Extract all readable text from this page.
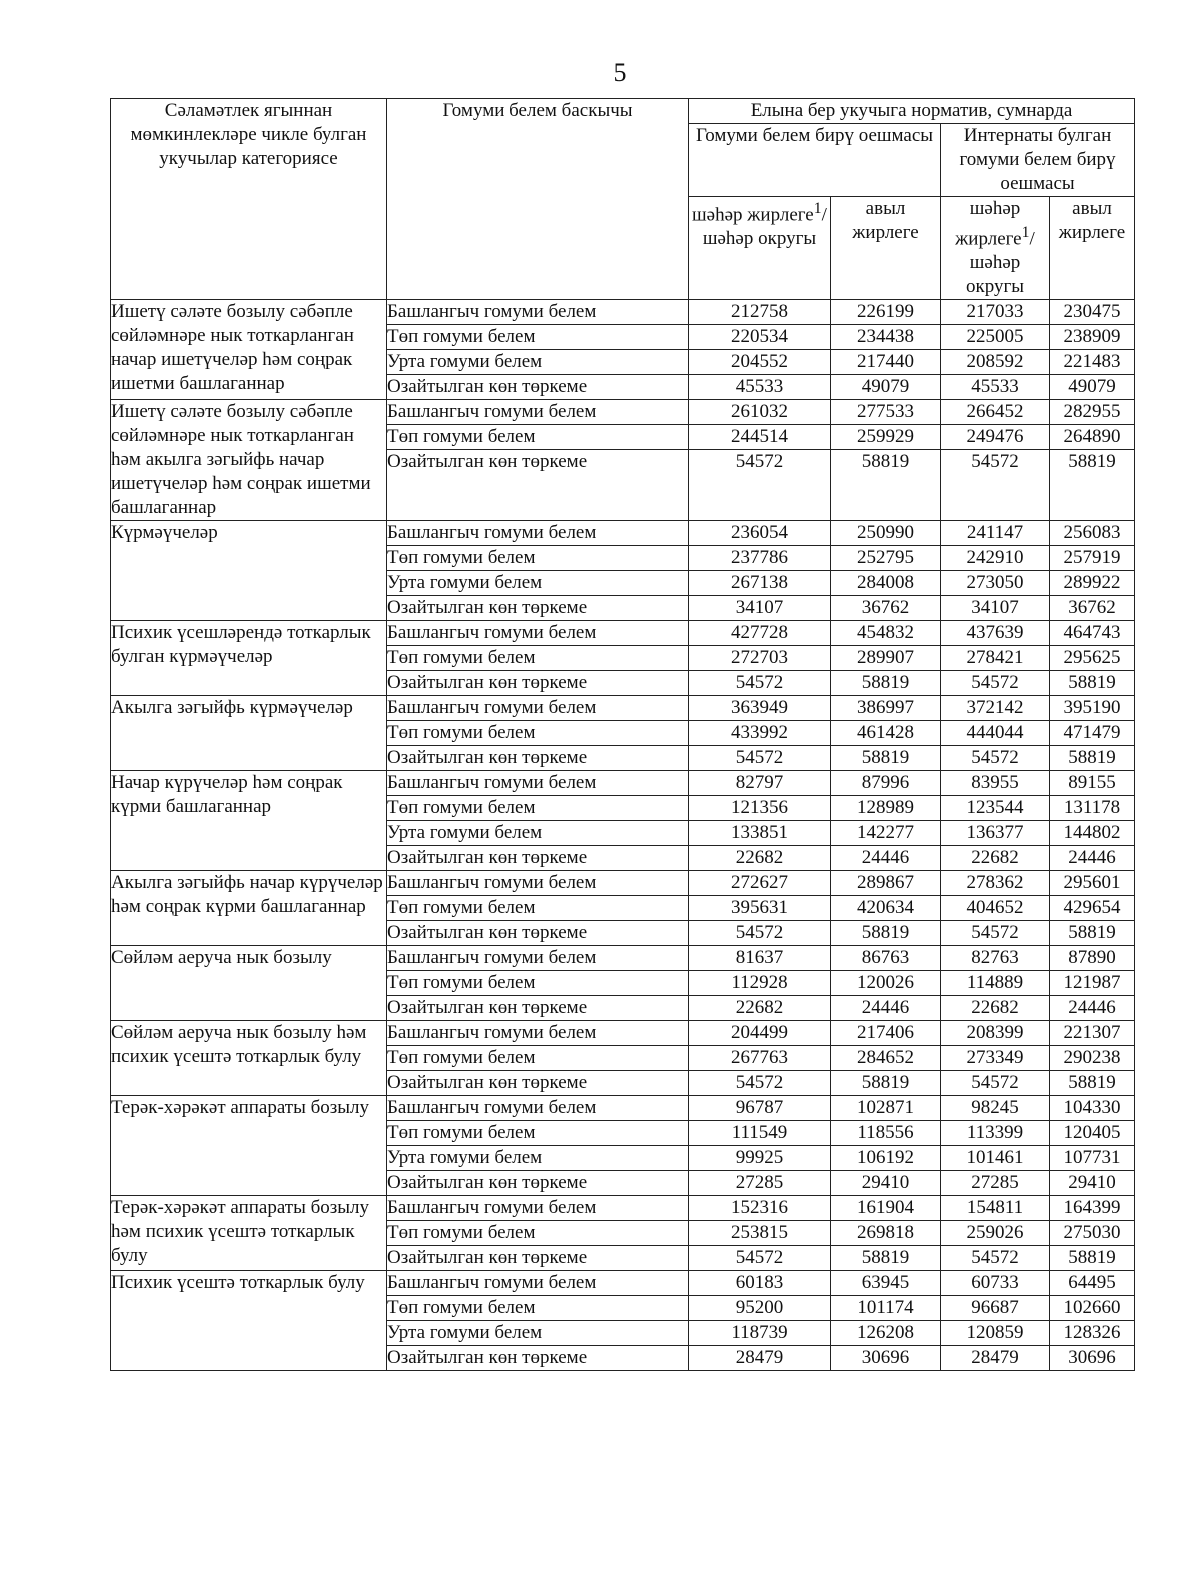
5
Сәламәтлек ягыннан мөмкинлекләре чикле булган укучылар категориясе	Гомуми белем баскычы	Елына бер укучыга норматив, сумнарда			
		Гомуми белем бирү оешмасы		Интернаты булган гомуми белем бирү оешмасы	
		шәһәр жирлеге$^1$/ шәһәр округы	авыл жирлеге	шәһәр жирлеге$^1$/ шәһәр округы	авыл жирлеге
Ишетү сәләте бозылу сәбәпле сөйләмнәре нык тоткарланган начар ишетүчеләр һәм соңрак ишетми башлаганнар	Башлангыч гомуми белем	212758	226199	217033	230475
	Төп гомуми белем	220534	234438	225005	238909
	Урта гомуми белем	204552	217440	208592	221483
	Озайтылган көн төркеме	45533	49079	45533	49079
Ишетү сәләте бозылу сәбәпле сөйләмнәре нык тоткарланган һәм акылга зәгыйфь начар ишетүчеләр һәм соңрак ишетми башлаганнар	Башлангыч гомуми белем	261032	277533	266452	282955
	Төп гомуми белем	244514	259929	249476	264890
	Озайтылган көн төркеме	54572	58819	54572	58819

Күрмәүчеләр	Башлангыч гомуми белем	236054	250990	241147	256083
	Төп гомуми белем	237786	252795	242910	257919
	Урта гомуми белем	267138	284008	273050	289922
	Озайтылган көн төркеме	34107	36762	34107	36762
Психик үсешләрендә тоткарлык булган күрмәүчеләр	Башлангыч гомуми белем	427728	454832	437639	464743
	Төп гомуми белем	272703	289907	278421	295625
	Озайтылган көн төркеме	54572	58819	54572	58819
Акылга зәгыйфь күрмәүчеләр	Башлангыч гомуми белем	363949	386997	372142	395190
	Төп гомуми белем	433992	461428	444044	471479
	Озайтылган көн төркеме	54572	58819	54572	58819
Начар күрүчеләр һәм соңрак күрми башлаганнар	Башлангыч гомуми белем	82797	87996	83955	89155
	Төп гомуми белем	121356	128989	123544	131178
	Урта гомуми белем	133851	142277	136377	144802
	Озайтылган көн төркеме	22682	24446	22682	24446
Акылга зәгыйфь начар күрүчеләр һәм соңрак күрми башлаганнар	Башлангыч гомуми белем	272627	289867	278362	295601
	Төп гомуми белем	395631	420634	404652	429654
	Озайтылган көн төркеме	54572	58819	54572	58819
Сөйләм аеруча нык бозылу	Башлангыч гомуми белем	81637	86763	82763	87890
	Төп гомуми белем	112928	120026	114889	121987
	Озайтылган көн төркеме	22682	24446	22682	24446
Сөйләм аеруча нык бозылу һәм психик үсештә тоткарлык булу	Башлангыч гомуми белем	204499	217406	208399	221307
	Төп гомуми белем	267763	284652	273349	290238
	Озайтылган көн төркеме	54572	58819	54572	58819
Терәк-хәрәкәт аппараты бозылу	Башлангыч гомуми белем	96787	102871	98245	104330
	Төп гомуми белем	111549	118556	113399	120405
	Урта гомуми белем	99925	106192	101461	107731
	Озайтылган көн төркеме	27285	29410	27285	29410
Терәк-хәрәкәт аппараты бозылу һәм психик үсештә тоткарлык булу	Башлангыч гомуми белем	152316	161904	154811	164399
	Төп гомуми белем	253815	269818	259026	275030
	Озайтылган көн төркеме	54572	58819	54572	58819
Психик үсештә тоткарлык булу	Башлангыч гомуми белем	60183	63945	60733	64495
	Төп гомуми белем	95200	101174	96687	102660
	Урта гомуми белем	118739	126208	120859	128326
	Озайтылган көн төркеме	28479	30696	28479	30696
